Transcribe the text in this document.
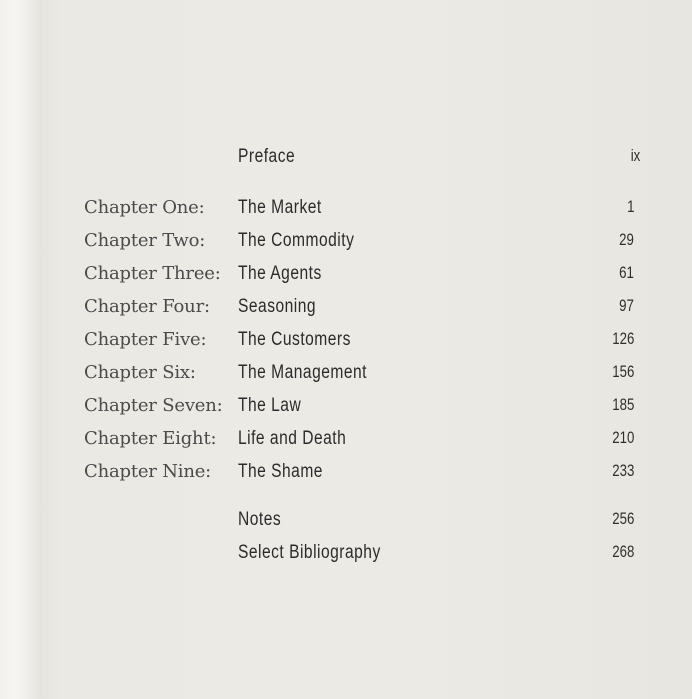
Preface	ix
Chapter One: The Market	1
Chapter Two: The Commodity	29
Chapter Three: The Agents	61
Chapter Four: Seasoning	97
Chapter Five: The Customers	126
Chapter Six: The Management	156
Chapter Seven: The Law	185
Chapter Eight: Life and Death	210
Chapter Nine: The Shame	233
Notes	256
Select Bibliography	268
